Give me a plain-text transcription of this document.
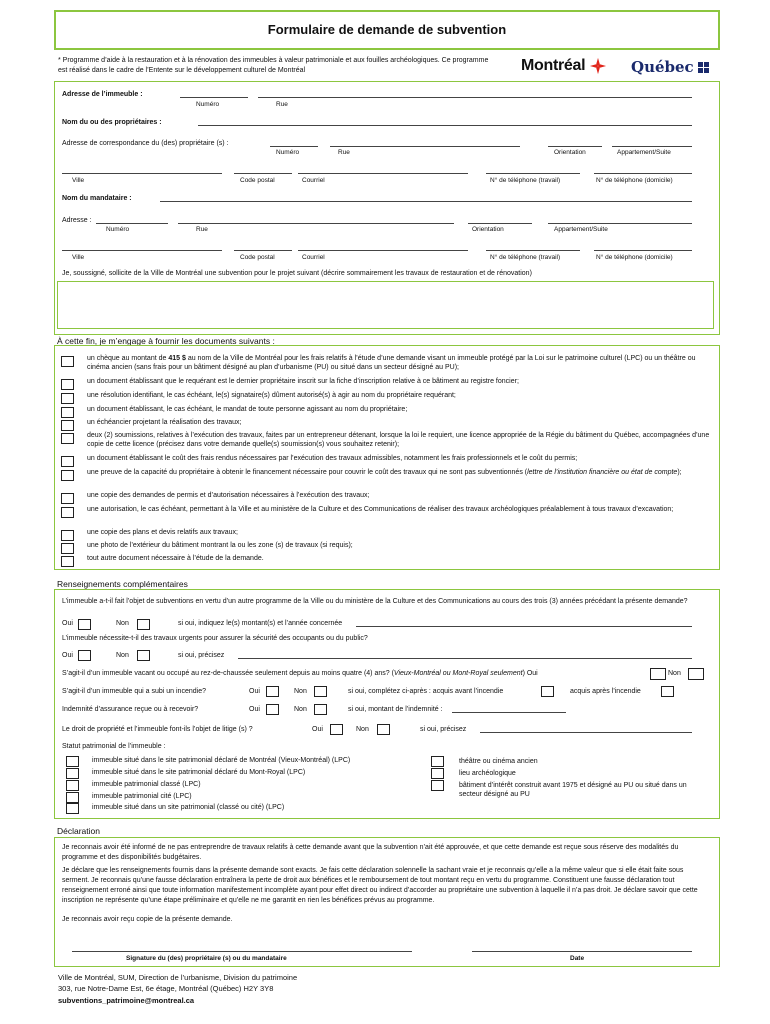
Formulaire de demande de subvention
* Programme d’aide à la restauration et à la rénovation des immeubles à valeur patrimoniale et aux fouilles archéologiques. Ce programme est réalisé dans le cadre de l’Entente sur le développement culturel de Montréal	Montréal	Québec
Adresse de l’immeuble :
Numéro	Rue
Nom du ou des propriétaires :
Adresse de correspondance du (des) propriétaire (s) :
Numéro	Rue	Orientation	Appartement/Suite
Ville	Code postal	Courriel	N° de téléphone (travail)	N° de téléphone (domicile)
Nom du mandataire :
Adresse :
Numéro	Rue	Orientation	Appartement/Suite
Ville	Code postal	Courriel	N° de téléphone (travail)	N° de téléphone (domicile)
Je, soussigné, sollicite de la Ville de Montréal une subvention pour le projet suivant (décrire sommairement les travaux de restauration et de rénovation)
À cette fin, je m’engage à fournir les documents suivants :
un chèque au montant de 415 $ au nom de la Ville de Montréal pour les frais relatifs à l’étude d’une demande visant un immeuble protégé par la Loi sur le patrimoine culturel (LPC) ou un théâtre ou cinéma ancien (sans frais pour un bâtiment désigné au plan d’urbanisme (PU) ou situé dans un secteur désigné au PU);
un document établissant que le requérant est le dernier propriétaire inscrit sur la fiche d’inscription relative à ce bâtiment au registre foncier;
une résolution identifiant, le cas échéant, le(s) signataire(s) dûment autorisé(s) à agir au nom du propriétaire requérant;
un document établissant, le cas échéant, le mandat de toute personne agissant au nom du propriétaire;
un échéancier projetant la réalisation des travaux;
deux (2) soumissions, relatives à l’exécution des travaux, faites par un entrepreneur détenant, lorsque la loi le requiert, une licence appropriée de la Régie du bâtiment du Québec, accompagnées d’une copie de cette licence (précisez dans votre demande quelle(s) soumission(s) vous souhaitez retenir);
un document établissant le coût des frais rendus nécessaires par l’exécution des travaux admissibles, notamment les frais professionnels et le coût du permis;
une preuve de la capacité du propriétaire à obtenir le financement nécessaire pour couvrir le coût des travaux qui ne sont pas subventionnés (lettre de l’institution financière ou état de compte);
une copie des demandes de permis et d’autorisation nécessaires à l’exécution des travaux;
une autorisation, le cas échéant, permettant à la Ville et au ministère de la Culture et des Communications de réaliser des travaux archéologiques préalablement à tous travaux d’excavation;
une copie des plans et devis relatifs aux travaux;
une photo de l’extérieur du bâtiment montrant la ou les zone (s) de travaux (si requis);
tout autre document nécessaire à l’étude de la demande.
Renseignements complémentaires
L’immeuble a-t-il fait l’objet de subventions en vertu d’un autre programme de la Ville ou du ministère de la Culture et des Communications au cours des trois (3) années précédant la présente demande?
Oui	Non	si oui, indiquez le(s) montant(s) et l’année concernée
L’immeuble nécessite-t-il des travaux urgents pour assurer la sécurité des occupants ou du public?
Oui	Non	si oui, précisez
S’agit-il d’un immeuble vacant ou occupé au rez-de-chaussée seulement depuis au moins quatre (4) ans? (Vieux-Montréal ou Mont-Royal seulement) Oui	Non
S’agit-il d’un immeuble qui a subi un incendie?	Oui	Non	si oui, complétez ci-après : acquis avant l’incendie	acquis après l’incendie
Indemnité d’assurance reçue ou à recevoir?	Oui	Non	si oui, montant de l’indemnité :
Le droit de propriété et l’immeuble font-ils l’objet de litige (s) ?	Oui	Non	si oui, précisez
Statut patrimonial de l’immeuble :
immeuble situé dans le site patrimonial déclaré de Montréal (Vieux-Montréal) (LPC)
immeuble situé dans le site patrimonial déclaré du Mont-Royal (LPC)
immeuble patrimonial classé (LPC)
immeuble patrimonial cité (LPC)
immeuble situé dans un site patrimonial (classé ou cité) (LPC)
théâtre ou cinéma ancien
lieu archéologique
bâtiment d’intérêt construit avant 1975 et désigné au PU ou situé dans un secteur désigné au PU
Déclaration
Je reconnais avoir été informé de ne pas entreprendre de travaux relatifs à cette demande avant que la subvention n’ait été approuvée, et que cette demande est reçue sous réserve des modalités du programme et des disponibilités budgétaires.
Je déclare que les renseignements fournis dans la présente demande sont exacts. Je fais cette déclaration solennelle la sachant vraie et je reconnais qu’elle a la même valeur que si elle était faite sous serment. Je reconnais qu’une fausse déclaration entraînera la perte de droit aux bénéfices et le remboursement de tout montant reçu en vertu du programme. Constituent une fausse déclaration tout renseignement erroné ainsi que toute information manifestement incomplète ayant pour effet direct ou indirect d’accorder au propriétaire une subvention à laquelle il n’a pas droit. Je déclare savoir que cette inscription ne représente qu’une étape préliminaire et qu’elle ne me garantit en rien les bénéfices prévus au programme.
Je reconnais avoir reçu copie de la présente demande.
Signature du (des) propriétaire (s) ou du mandataire	Date
Ville de Montréal, SUM, Direction de l’urbanisme, Division du patrimoine
303, rue Notre-Dame Est, 6e étage, Montréal (Québec) H2Y 3Y8
subventions_patrimoine@montreal.ca
